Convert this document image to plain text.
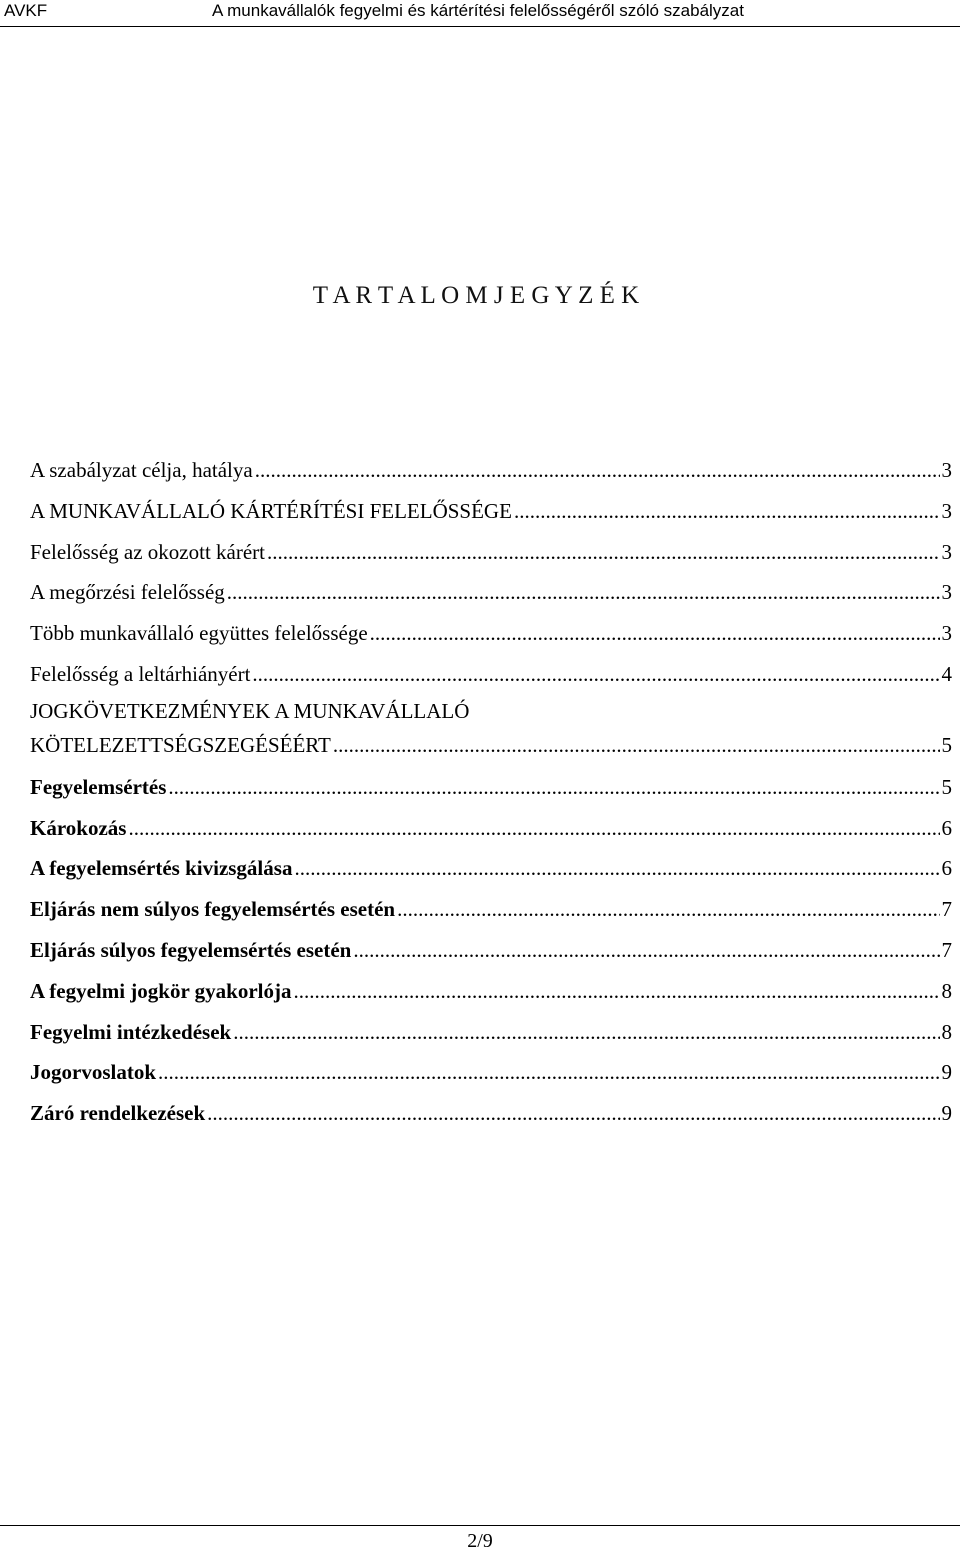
AVKF	A munkavállalók fegyelmi és kártérítési felelősségéről szóló szabályzat
T A R T A L O M J E G Y Z É K
A szabályzat célja, hatálya .....	3
A MUNKAVÁLLALÓ KÁRTÉRÍTÉSI FELELŐSSÉGE .....	3
Felelősség az okozott kárért .....	3
A megőrzési felelősség .....	3
Több munkavállaló együttes felelőssége .....	3
Felelősség a leltárhiányért .....	4
JOGKÖVETKEZMÉNYEK A MUNKAVÁLLALÓ
KÖTELEZETTSÉGSZEGÉSÉÉRT .....	5
Fegyelemsértés .....	5
Károkozás .....	6
A fegyelemsértés kivizsgálása .....	6
Eljárás nem súlyos fegyelemsértés esetén .....	7
Eljárás súlyos fegyelemsértés esetén .....	7
A fegyelmi jogkör gyakorlója .....	8
Fegyelmi intézkedések .....	8
Jogorvoslatok .....	9
Záró rendelkezések .....	9
2/9
